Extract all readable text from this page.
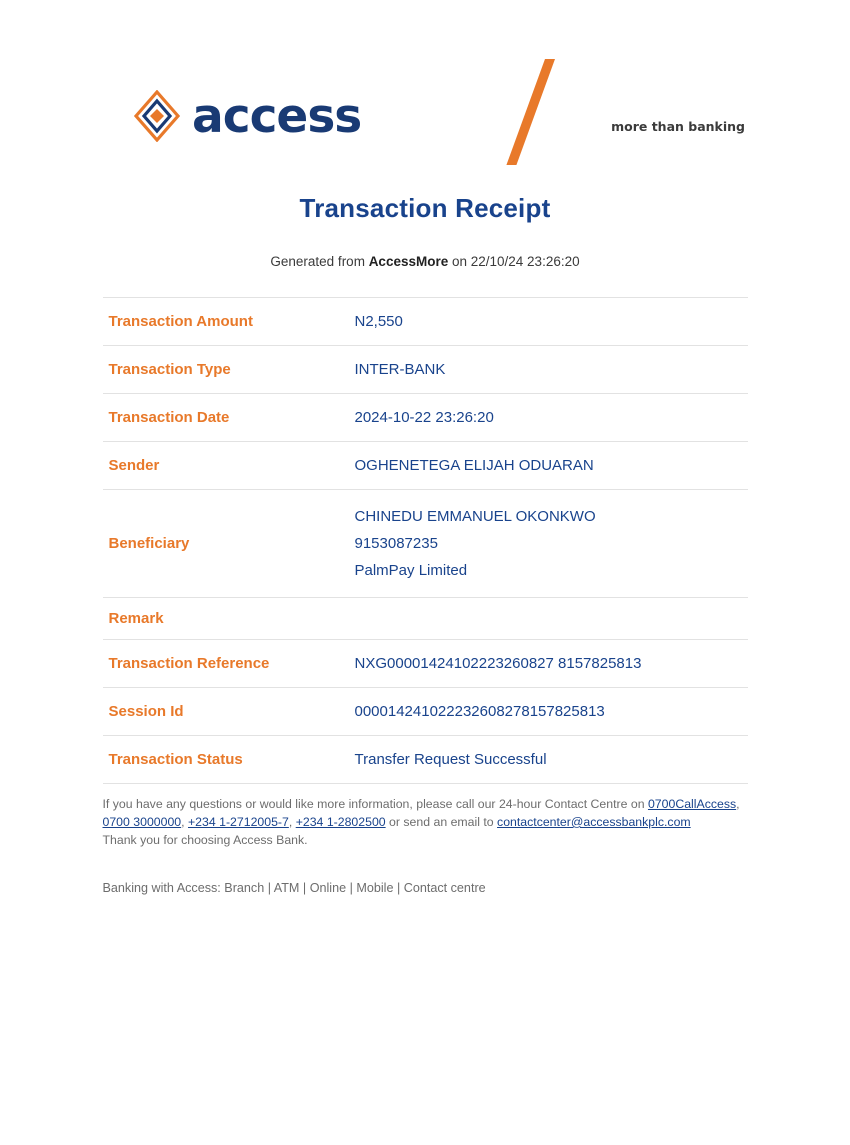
access	more than banking
Transaction Receipt
Generated from AccessMore on 22/10/24 23:26:20
Transaction Amount	N2,550
Transaction Type	INTER-BANK
Transaction Date	2024-10-22 23:26:20
Sender	OGHENETEGA ELIJAH ODUARAN
Beneficiary	CHINEDU EMMANUEL OKONKWO
9153087235
PalmPay Limited

Remark	
Transaction Reference	NXG00001424102223260827 8157825813
Session Id	000014241022232608278157825813
Transaction Status	Transfer Request Successful
If you have any questions or would like more information, please call our 24-hour Contact Centre on 0700CallAccess, 0700 3000000, +234 1-2712005-7, +234 1-2802500 or send an email to contactcenter@accessbankplc.com
Thank you for choosing Access Bank.
Banking with Access: Branch | ATM | Online | Mobile | Contact centre
